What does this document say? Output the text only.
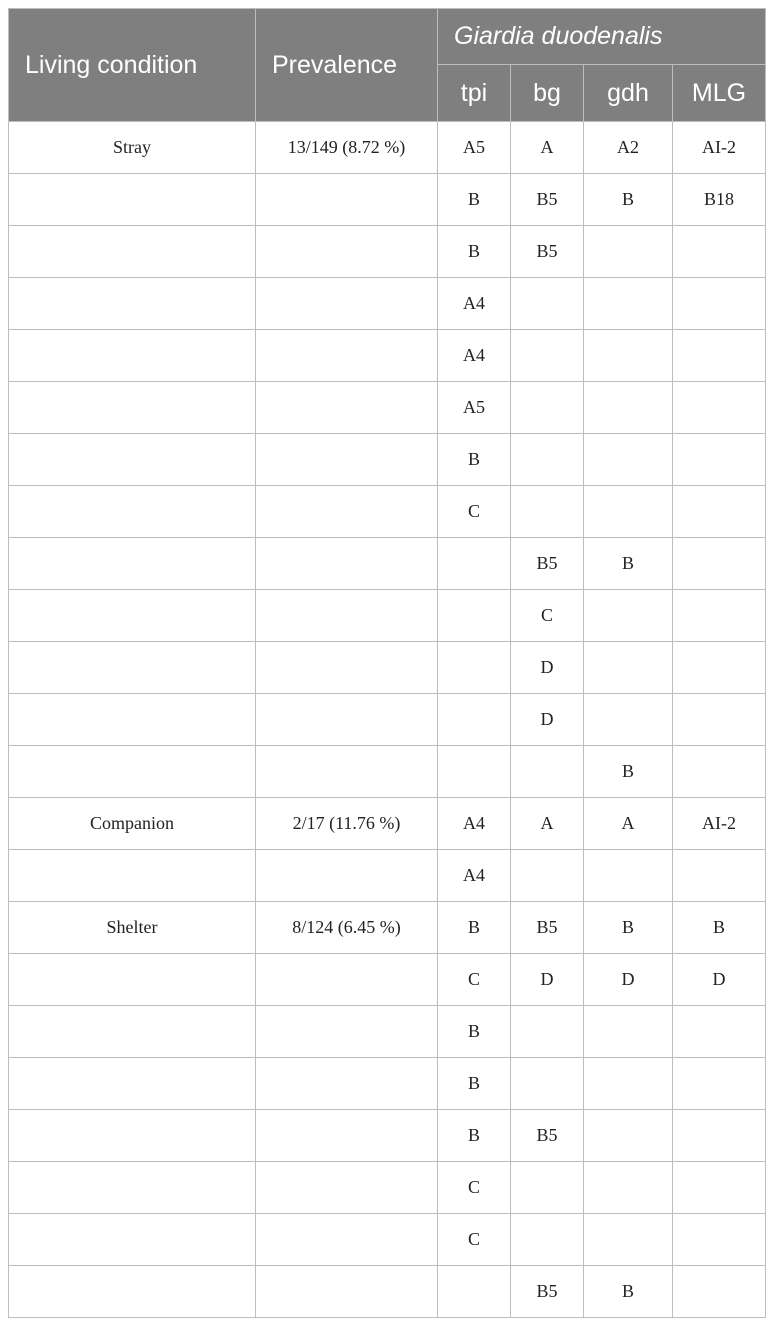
Living condition	Prevalence	Giardia duodenalis			
		tpi	bg	gdh	MLG
Stray	13/149 (8.72 %)	A5	A	A2	AI-2
		B	B5	B	B18
		B	B5		
		A4			
		A4			
		A5			
		B			
		C			
			B5	B	
			C		
			D		
			D		
				B	
Companion	2/17 (11.76 %)	A4	A	A	AI-2
		A4			
Shelter	8/124 (6.45 %)	B	B5	B	B
		C	D	D	D
		B			
		B			
		B	B5		
		C			
		C			
			B5	B	
